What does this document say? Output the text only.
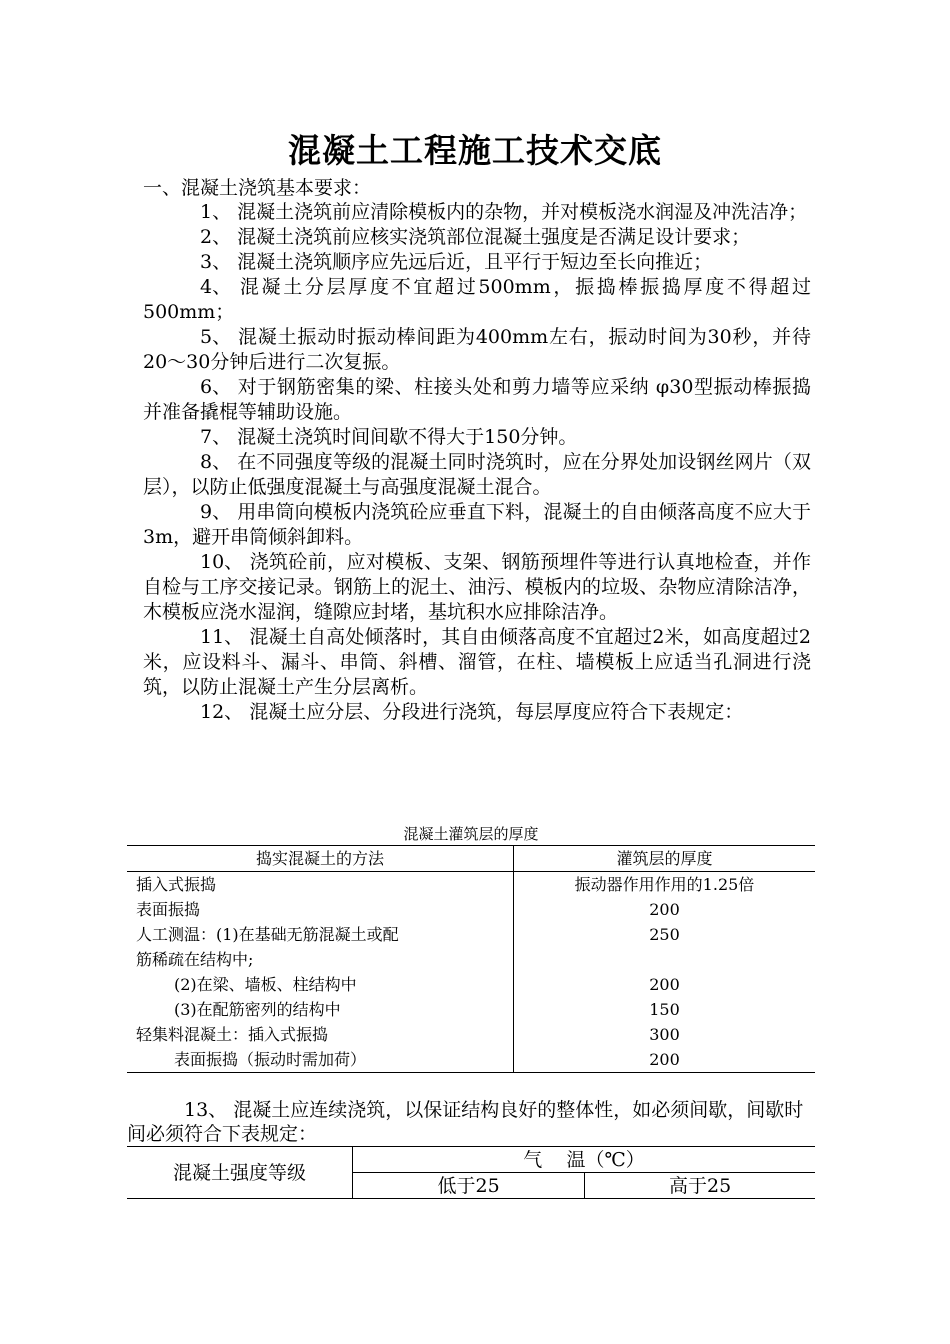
混凝土工程施工技术交底
一、混凝土浇筑基本要求：

1、 混凝土浇筑前应清除模板内的杂物，并对模板浇水润湿及冲洗洁净；

2、 混凝土浇筑前应核实浇筑部位混凝土强度是否满足设计要求；

3、 混凝土浇筑顺序应先远后近，且平行于短边至长向推近；

4、 混凝土分层厚度不宜超过500mm，振捣棒振捣厚度不得超过500mm；

5、 混凝土振动时振动棒间距为400mm左右，振动时间为30秒，并待20～30分钟后进行二次复振。

6、 对于钢筋密集的梁、柱接头处和剪力墙等应采纳 φ30型振动棒振捣并准备撬棍等辅助设施。

7、 混凝土浇筑时间间歇不得大于150分钟。

8、 在不同强度等级的混凝土同时浇筑时，应在分界处加设钢丝网片（双层），以防止低强度混凝土与高强度混凝土混合。

9、 用串筒向模板内浇筑砼应垂直下料，混凝土的自由倾落高度不应大于3m，避开串筒倾斜卸料。

10、 浇筑砼前，应对模板、支架、钢筋预埋件等进行认真地检查，并作自检与工序交接记录。钢筋上的泥土、油污、模板内的垃圾、杂物应清除洁净，木模板应浇水湿润，缝隙应封堵，基坑积水应排除洁净。

11、 混凝土自高处倾落时，其自由倾落高度不宜超过2米，如高度超过2米，应设料斗、漏斗、串筒、斜槽、溜管，在柱、墙模板上应适当孔洞进行浇筑，以防止混凝土产生分层离析。

12、 混凝土应分层、分段进行浇筑，每层厚度应符合下表规定：

混凝土灌筑层的厚度
捣实混凝土的方法	灌筑层的厚度
插入式振捣	振动器作用作用的1.25倍
表面振捣	200
人工测温：(1)在基础无筋混凝土或配	250
筋稀疏在结构中;	
(2)在梁、墙板、柱结构中	200
(3)在配筋密列的结构中	150
轻集料混凝土：插入式振捣	300
表面振捣（振动时需加荷）	200
13、 混凝土应连续浇筑，以保证结构良好的整体性，如必须间歇，间歇时间必须符合下表规定：
混凝土强度等级	气    温（℃）	
	低于25	高于25
